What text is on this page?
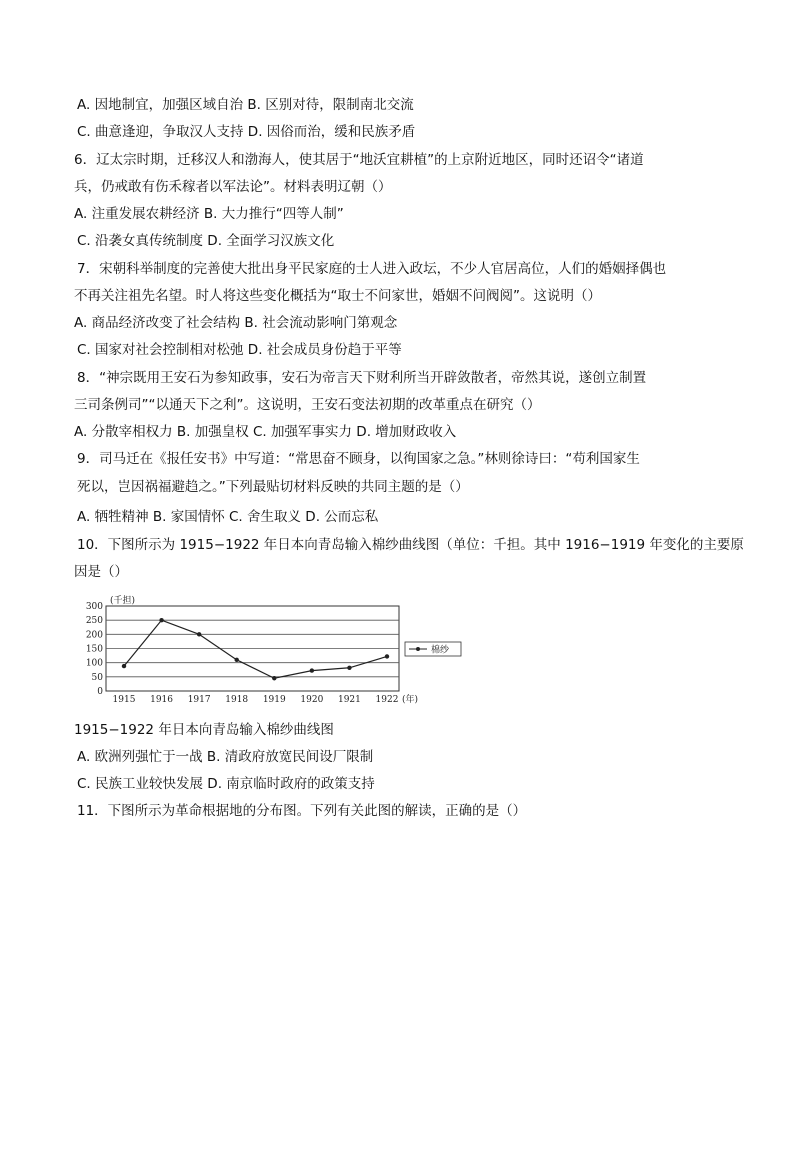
A. 因地制宜，加强区域自治 B. 区别对待，限制南北交流
C. 曲意逢迎，争取汉人支持 D. 因俗而治，缓和民族矛盾
6．辽太宗时期，迁移汉人和渤海人，使其居于“地沃宜耕植”的上京附近地区，同时还诏令“诸道
兵，仍戒敢有伤禾稼者以军法论”。材料表明辽朝（）
A. 注重发展农耕经济 B. 大力推行“四等人制”
C. 沿袭女真传统制度 D. 全面学习汉族文化
7．宋朝科举制度的完善使大批出身平民家庭的士人进入政坛，不少人官居高位，人们的婚姻择偶也
不再关注祖先名望。时人将这些变化概括为“取士不问家世，婚姻不问阀阅”。这说明（）
A. 商品经济改变了社会结构 B. 社会流动影响门第观念
C. 国家对社会控制相对松弛 D. 社会成员身份趋于平等
8．“神宗既用王安石为参知政事，安石为帝言天下财利所当开辟敛散者，帝然其说，遂创立制置
三司条例司”“以通天下之利”。这说明，王安石变法初期的改革重点在研究（）
A. 分散宰相权力 B. 加强皇权 C. 加强军事实力 D. 增加财政收入
9．司马迁在《报任安书》中写道：“常思奋不顾身，以徇国家之急。”林则徐诗曰：“苟利国家生
死以，岂因祸福避趋之。”下列最贴切材料反映的共同主题的是（）
A. 牺牲精神 B. 家国情怀 C. 舍生取义 D. 公而忘私
10．下图所示为 1915−1922 年日本向青岛输入棉纱曲线图（单位：千担。其中 1916−1919 年变化的主要原
因是（）
300
250
200
150
100
50
0
(千担)
1915 1916 1917 1918 1919 1920 1921 1922 (年)
棉纱
1915−1922 年日本向青岛输入棉纱曲线图
A. 欧洲列强忙于一战 B. 清政府放宽民间设厂限制
C. 民族工业较快发展 D. 南京临时政府的政策支持
11．下图所示为革命根据地的分布图。下列有关此图的解读，正确的是（）
